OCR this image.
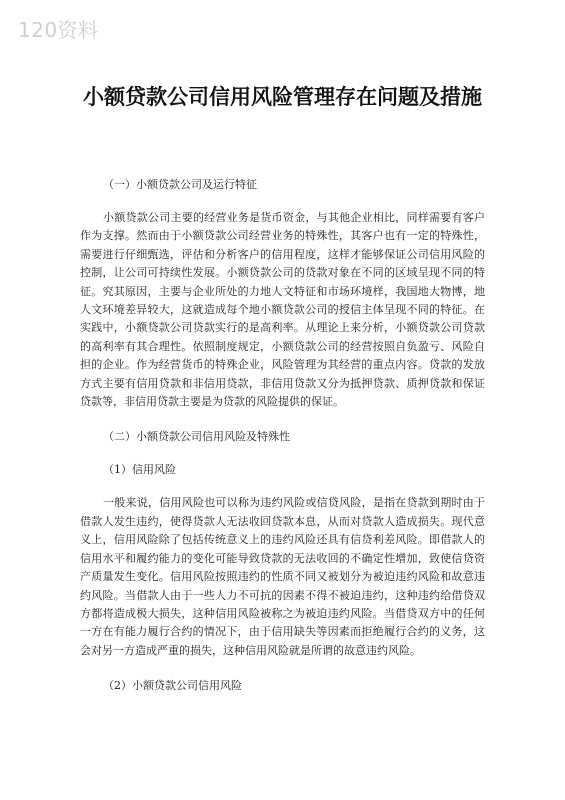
120资料
小额贷款公司信用风险管理存在问题及措施

（一）小额贷款公司及运行特征

小额贷款公司主要的经营业务是货币资金，与其他企业相比，同样需要有客户作为支撑。然而由于小额贷款公司经营业务的特殊性，其客户也有一定的特殊性，需要进行仔细甄选，评估和分析客户的信用程度，这样才能够保证公司信用风险的控制，让公司可持续性发展。小额贷款公司的贷款对象在不同的区域呈现不同的特征。究其原因，主要与企业所处的力地人文特征和市场环境样，我国地大物博，地人文环境差异较大，这就造成每个地小额贷款公司的授信主体呈现不同的特征。在实践中，小额贷款公司贷款实行的是高利率。从理论上来分析，小额贷款公司贷款的高利率有其合理性。依照制度规定，小额贷款公司的经营按照自负盈亏、风险自担的企业。作为经营货币的特殊企业，风险管理为其经营的重点内容。贷款的发放方式主要有信用贷款和非信用贷款，非信用贷款又分为抵押贷款、质押贷款和保证贷款等，非信用贷款主要是为贷款的风险提供的保证。

（二）小额贷款公司信用风险及特殊性

（1）信用风险

一般来说，信用风险也可以称为违约风险或信贷风险，是指在贷款到期时由于借款人发生违约，使得贷款人无法收回贷款本息，从而对贷款人造成损失。现代意义上，信用风险除了包括传统意义上的违约风险还具有信贷利差风险。即借款人的信用水平和履约能力的变化可能导致贷款的无法收回的不确定性增加，致使信贷资产质量发生变化。信用风险按照违约的性质不同又被划分为被迫违约风险和故意违约风险。当借款人由于一些人力不可抗的因素不得不被迫违约，这种违约给借贷双方都将造成极大损失，这种信用风险被称之为被迫违约风险。当借贷双方中的任何一方在有能力履行合约的情况下，由于信用缺失等因素而拒绝履行合约的义务，这会对另一方造成严重的损失，这种信用风险就是所谓的故意违约风险。

（2）小额贷款公司信用风险
